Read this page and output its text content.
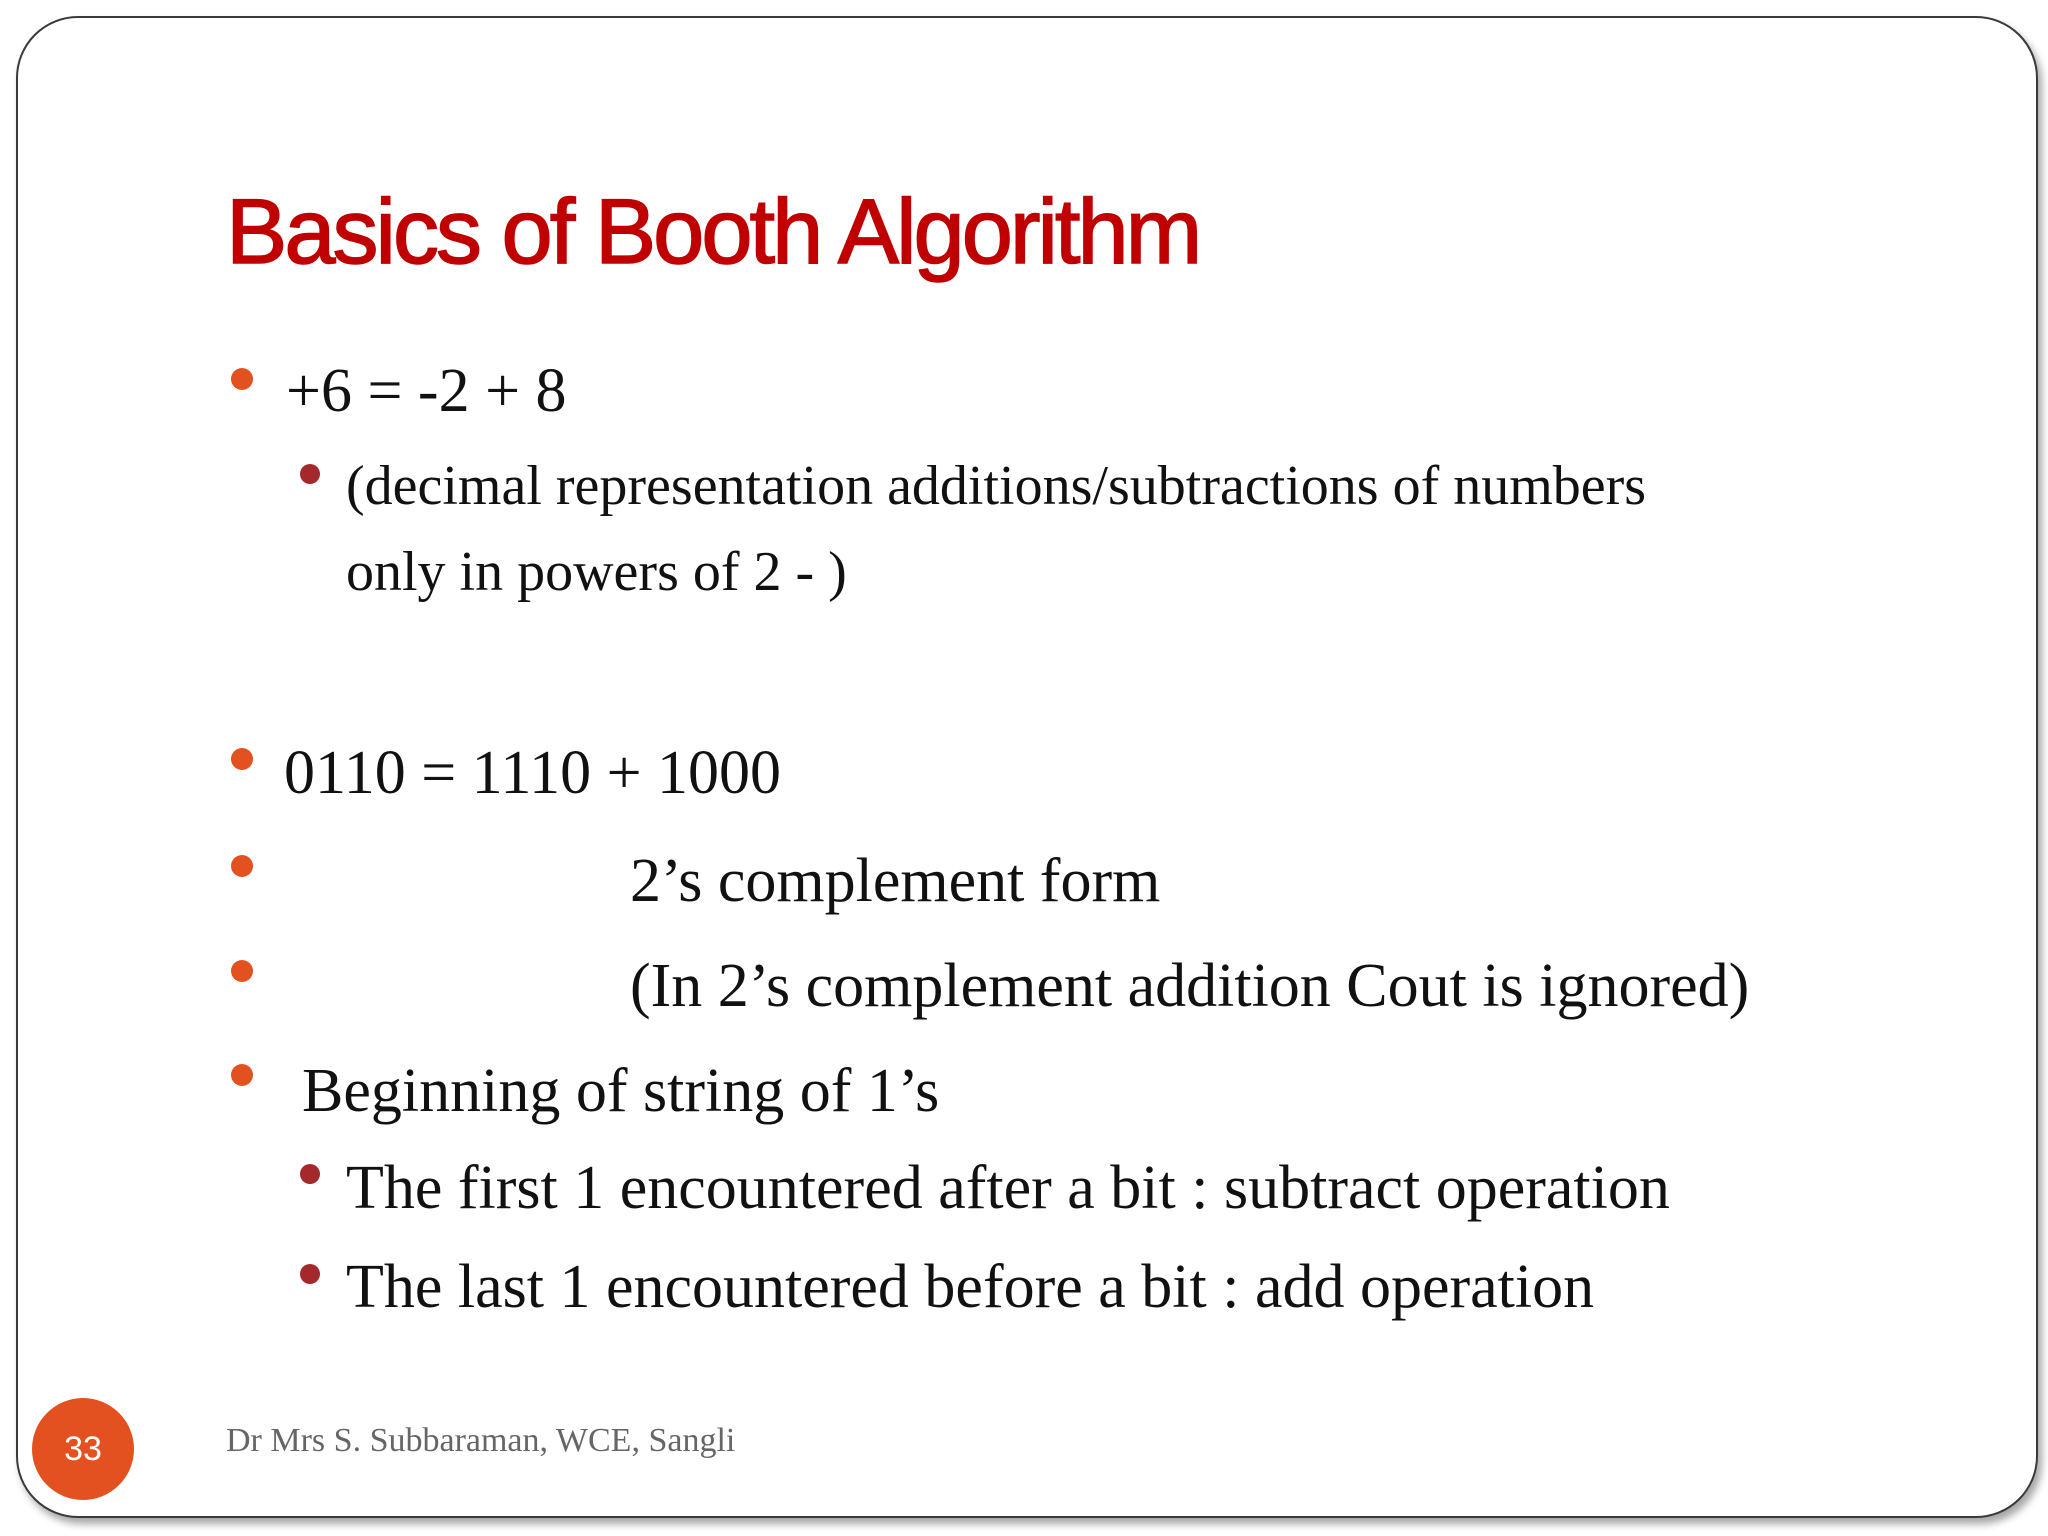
Basics of Booth Algorithm

+6 = -2 + 8

(decimal representation additions/subtractions of numbers

only in powers of 2 - )

0110 = 1110 + 1000

2’s complement form

(In 2’s complement addition Cout is ignored)

Beginning of string of 1’s

The first 1 encountered after a bit : subtract operation

The last 1 encountered before a bit : add operation

33	Dr Mrs S. Subbaraman, WCE, Sangli
